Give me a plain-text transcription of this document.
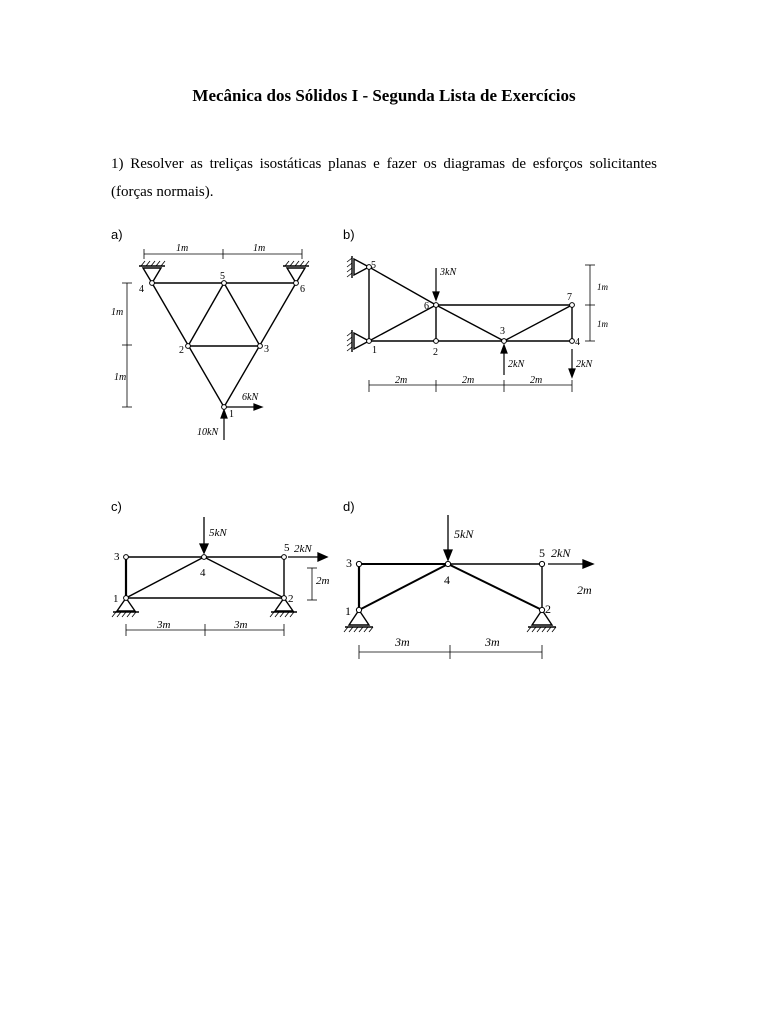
Mecânica dos Sólidos I - Segunda Lista de Exercícios
1) Resolver as treliças isostáticas planas e fazer os diagramas de esforços solicitantes (forças normais).
a)
1m	1m
1m
1m
1
2	3
4
5
6
6kN
10kN
b)
1m
1m
2m	2m	2m
1	2
3
4
5
6
7
3kN
2kN	2kN
c)
1	2
3
4
5
2m
3m	3m
5kN
2kN
d)
1	2
3
4
5
2m
3m	3m
5kN
2kN
